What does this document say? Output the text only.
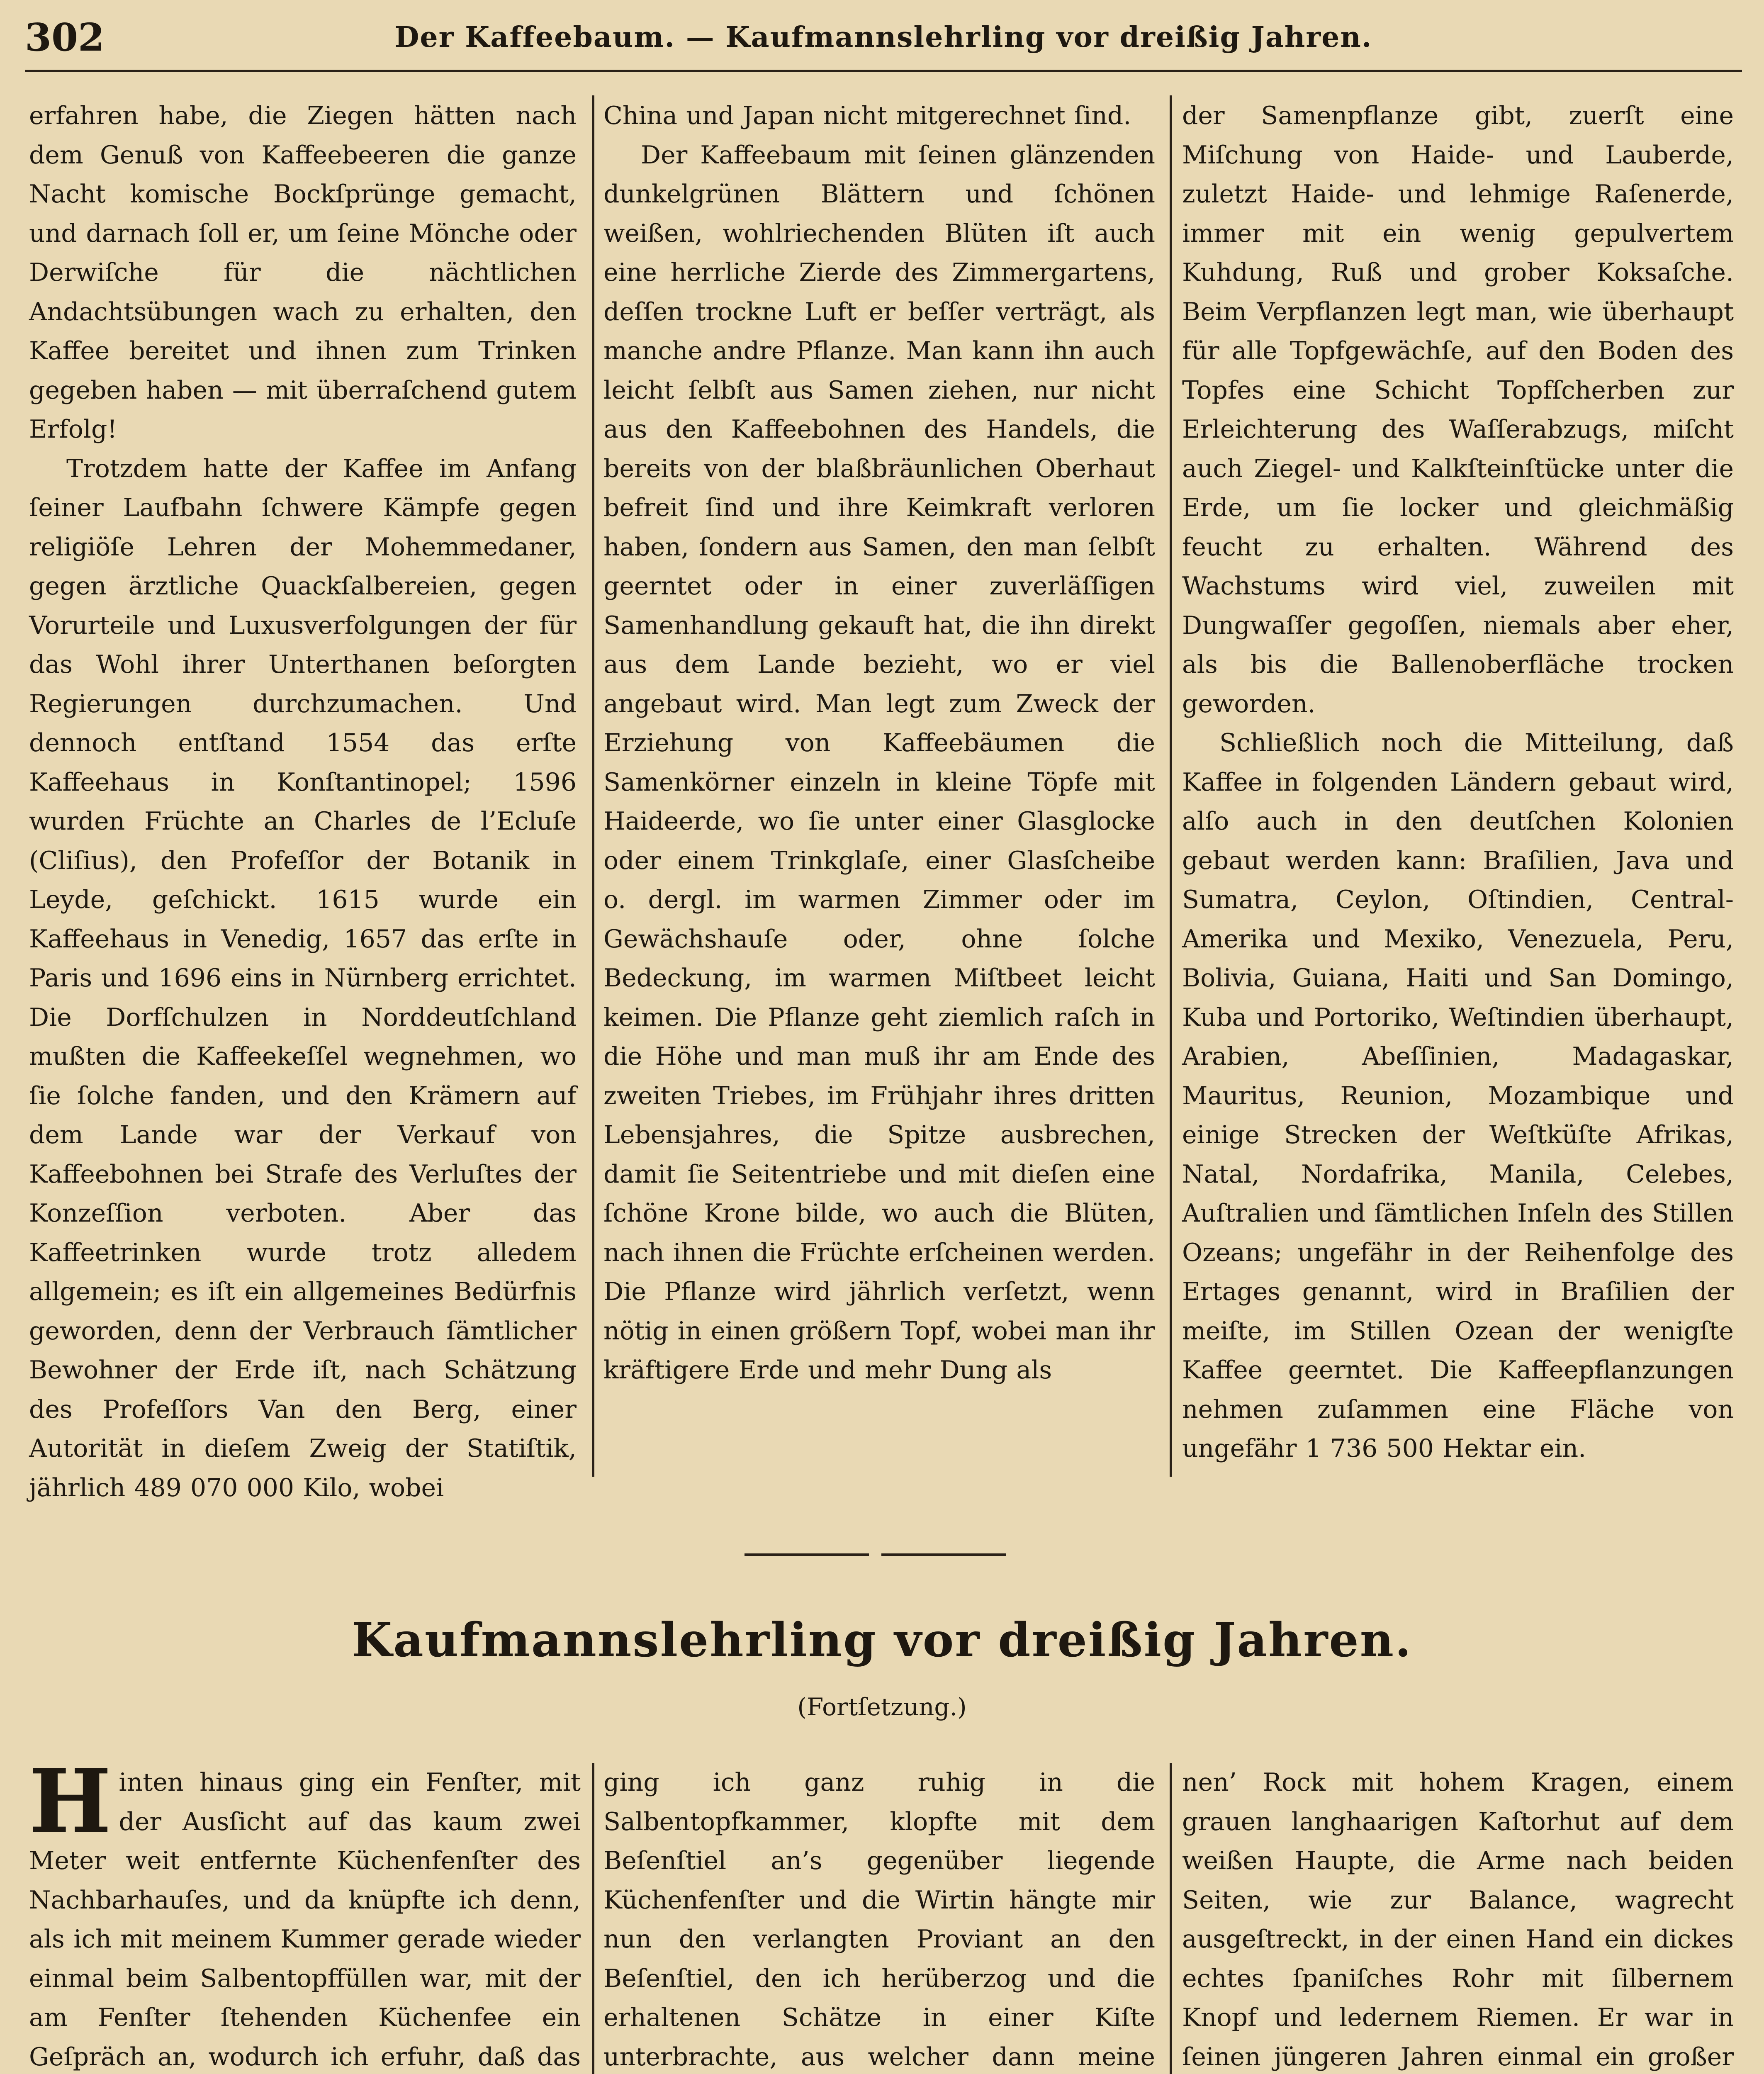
302	Der Kaffeebaum. — Kaufmannslehrling vor dreißig Jahren.

erfahren habe, die Ziegen hätten nach dem Genuß von Kaffeebeeren die ganze Nacht komische Bockſprünge gemacht, und darnach ſoll er, um ſeine Mönche oder Derwiſche für die nächtlichen Andachtsübungen wach zu erhalten, den Kaffee bereitet und ihnen zum Trinken gegeben haben — mit überraſchend gutem Erfolg!

Trotzdem hatte der Kaffee im Anfang ſeiner Laufbahn ſchwere Kämpfe gegen religiöſe Lehren der Mohemmedaner, gegen ärztliche Quackſalbereien, gegen Vorurteile und Luxusverfolgungen der für das Wohl ihrer Unterthanen beſorgten Regierungen durchzumachen. Und dennoch entſtand 1554 das erſte Kaffeehaus in Konſtantinopel; 1596 wurden Früchte an Charles de l’Ecluſe (Cliſius), den Profeſſor der Botanik in Leyde, geſchickt. 1615 wurde ein Kaffeehaus in Venedig, 1657 das erſte in Paris und 1696 eins in Nürnberg errichtet. Die Dorfſchulzen in Norddeutſchland mußten die Kaffeekeſſel wegnehmen, wo ſie ſolche fanden, und den Krämern auf dem Lande war der Verkauf von Kaffeebohnen bei Strafe des Verluſtes der Konzeſſion verboten. Aber das Kaffeetrinken wurde trotz alledem allgemein; es iſt ein allgemeines Bedürfnis geworden, denn der Verbrauch ſämtlicher Bewohner der Erde iſt, nach Schätzung des Profeſſors Van den Berg, einer Autorität in dieſem Zweig der Statiſtik, jährlich 489 070 000 Kilo, wobei

China und Japan nicht mitgerechnet ſind.

Der Kaffeebaum mit ſeinen glänzenden dunkelgrünen Blättern und ſchönen weißen, wohlriechenden Blüten iſt auch eine herrliche Zierde des Zimmergartens, deſſen trockne Luft er beſſer verträgt, als manche andre Pflanze. Man kann ihn auch leicht ſelbſt aus Samen ziehen, nur nicht aus den Kaffeebohnen des Handels, die bereits von der blaßbräunlichen Oberhaut befreit ſind und ihre Keimkraft verloren haben, ſondern aus Samen, den man ſelbſt geerntet oder in einer zuverläſſigen Samenhandlung gekauft hat, die ihn direkt aus dem Lande bezieht, wo er viel angebaut wird. Man legt zum Zweck der Erziehung von Kaffeebäumen die Samenkörner einzeln in kleine Töpfe mit Haideerde, wo ſie unter einer Glasglocke oder einem Trinkglaſe, einer Glasſcheibe o. dergl. im warmen Zimmer oder im Gewächshauſe oder, ohne ſolche Bedeckung, im warmen Miſtbeet leicht keimen. Die Pflanze geht ziemlich raſch in die Höhe und man muß ihr am Ende des zweiten Triebes, im Frühjahr ihres dritten Lebensjahres, die Spitze ausbrechen, damit ſie Seitentriebe und mit dieſen eine ſchöne Krone bilde, wo auch die Blüten, nach ihnen die Früchte erſcheinen werden. Die Pflanze wird jährlich verſetzt, wenn nötig in einen größern Topf, wobei man ihr kräftigere Erde und mehr Dung als

der Samenpflanze gibt, zuerſt eine Miſchung von Haide- und Lauberde, zuletzt Haide- und lehmige Raſenerde, immer mit ein wenig gepulvertem Kuhdung, Ruß und grober Koksaſche. Beim Verpflanzen legt man, wie überhaupt für alle Topfgewächſe, auf den Boden des Topfes eine Schicht Topfſcherben zur Erleichterung des Waſſerabzugs, miſcht auch Ziegel- und Kalkſteinſtücke unter die Erde, um ſie locker und gleichmäßig feucht zu erhalten. Während des Wachstums wird viel, zuweilen mit Dungwaſſer gegoſſen, niemals aber eher, als bis die Ballenoberfläche trocken geworden.

Schließlich noch die Mitteilung, daß Kaffee in folgenden Ländern gebaut wird, alſo auch in den deutſchen Kolonien gebaut werden kann: Braſilien, Java und Sumatra, Ceylon, Oſtindien, Central-Amerika und Mexiko, Venezuela, Peru, Bolivia, Guiana, Haiti und San Domingo, Kuba und Portoriko, Weſtindien überhaupt, Arabien, Abeſſinien, Madagaskar, Mauritus, Reunion, Mozambique und einige Strecken der Weſtküſte Afrikas, Natal, Nordafrika, Manila, Celebes, Auſtralien und ſämtlichen Inſeln des Stillen Ozeans; ungefähr in der Reihenfolge des Ertages genannt, wird in Braſilien der meiſte, im Stillen Ozean der wenigſte Kaffee geerntet. Die Kaffeepflanzungen nehmen zuſammen eine Fläche von ungefähr 1 736 500 Hektar ein.

Kaufmannslehrling vor dreißig Jahren.
(Fortſetzung.)

Hinten hinaus ging ein Fenſter, mit der Ausſicht auf das kaum zwei Meter weit entfernte Küchenfenſter des Nachbarhauſes, und da knüpfte ich denn, als ich mit meinem Kummer gerade wieder einmal beim Salbentopffüllen war, mit der am Fenſter ſtehenden Küchenfee ein Geſpräch an, wodurch ich erfuhr, daß das

ging ich ganz ruhig in die Salbentopfkammer, klopfte mit dem Beſenſtiel an’s gegenüber liegende Küchenfenſter und die Wirtin hängte mir nun den verlangten Proviant an den Beſenſtiel, den ich herüberzog und die erhaltenen Schätze in einer Kiſte unterbrachte, aus welcher dann meine

nen’ Rock mit hohem Kragen, einem grauen langhaarigen Kaſtorhut auf dem weißen Haupte, die Arme nach beiden Seiten, wie zur Balance, wagrecht ausgeſtreckt, in der einen Hand ein dickes echtes ſpaniſches Rohr mit ſilbernem Knopf und ledernem Riemen. Er war in ſeinen jüngeren Jahren einmal ein großer
